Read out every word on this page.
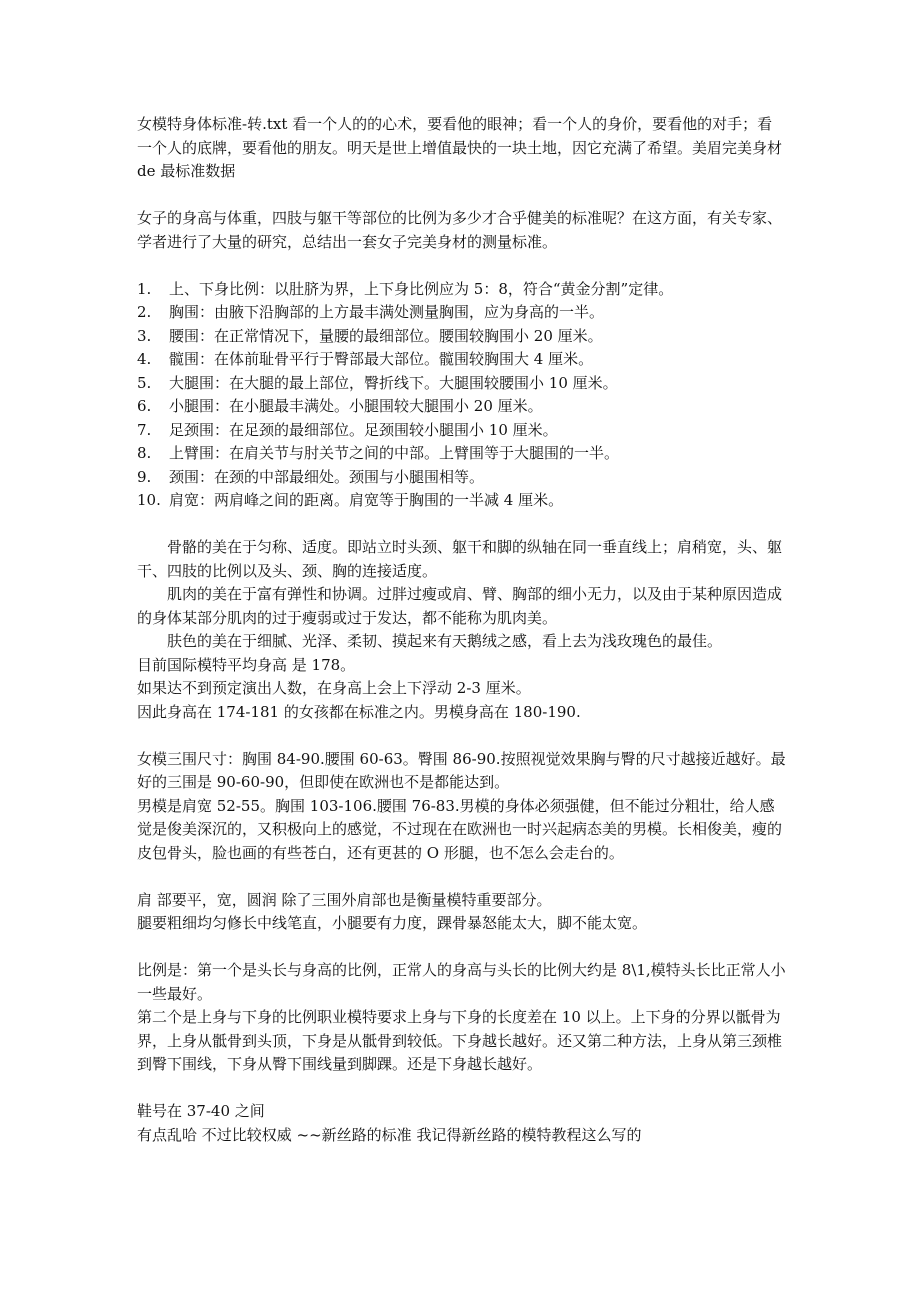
女模特身体标准-转.txt 看一个人的的心术，要看他的眼神；看一个人的身价，要看他的对手；看一个人的底牌，要看他的朋友。明天是世上增值最快的一块土地，因它充满了希望。美眉完美身材 de 最标准数据

女子的身高与体重，四肢与躯干等部位的比例为多少才合乎健美的标准呢？在这方面，有关专家、学者进行了大量的研究，总结出一套女子完美身材的测量标准。

1.	上、下身比例：以肚脐为界，上下身比例应为 5：8，符合“黄金分割”定律。
2.	胸围：由腋下沿胸部的上方最丰满处测量胸围，应为身高的一半。
3.	腰围：在正常情况下，量腰的最细部位。腰围较胸围小 20 厘米。
4.	髋围：在体前耻骨平行于臀部最大部位。髋围较胸围大 4 厘米。
5.	大腿围：在大腿的最上部位，臀折线下。大腿围较腰围小 10 厘米。
6.	小腿围：在小腿最丰满处。小腿围较大腿围小 20 厘米。
7.	足颈围：在足颈的最细部位。足颈围较小腿围小 10 厘米。
8.	上臂围：在肩关节与肘关节之间的中部。上臂围等于大腿围的一半。
9.	颈围：在颈的中部最细处。颈围与小腿围相等。
10. 肩宽：两肩峰之间的距离。肩宽等于胸围的一半减 4 厘米。

骨骼的美在于匀称、适度。即站立时头颈、躯干和脚的纵轴在同一垂直线上；肩稍宽，头、躯干、四肢的比例以及头、颈、胸的连接适度。

肌肉的美在于富有弹性和协调。过胖过瘦或肩、臂、胸部的细小无力，以及由于某种原因造成的身体某部分肌肉的过于瘦弱或过于发达，都不能称为肌肉美。

肤色的美在于细腻、光泽、柔韧、摸起来有天鹅绒之感，看上去为浅玫瑰色的最佳。

目前国际模特平均身高 是 178。

如果达不到预定演出人数，在身高上会上下浮动 2-3 厘米。

因此身高在 174-181 的女孩都在标准之内。男模身高在 180-190.

女模三围尺寸：胸围 84-90.腰围 60-63。臀围 86-90.按照视觉效果胸与臀的尺寸越接近越好。最好的三围是 90-60-90，但即使在欧洲也不是都能达到。

男模是肩宽 52-55。胸围 103-106.腰围 76-83.男模的身体必须强健，但不能过分粗壮，给人感觉是俊美深沉的，又积极向上的感觉，不过现在在欧洲也一时兴起病态美的男模。长相俊美，瘦的皮包骨头，脸也画的有些苍白，还有更甚的 O 形腿，也不怎么会走台的。

肩 部要平，宽，圆润 除了三围外肩部也是衡量模特重要部分。

腿要粗细均匀修长中线笔直，小腿要有力度，踝骨暴怒能太大，脚不能太宽。

比例是：第一个是头长与身高的比例，正常人的身高与头长的比例大约是 8\1,模特头长比正常人小一些最好。

第二个是上身与下身的比例职业模特要求上身与下身的长度差在 10 以上。上下身的分界以骶骨为界，上身从骶骨到头顶，下身是从骶骨到较低。下身越长越好。还又第二种方法，上身从第三颈椎到臀下围线，下身从臀下围线量到脚踝。还是下身越长越好。

鞋号在 37-40 之间

有点乱哈 不过比较权威 ~~新丝路的标准 我记得新丝路的模特教程这么写的
